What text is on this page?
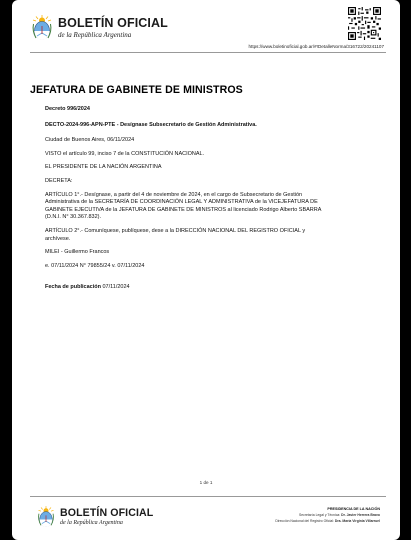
BOLETÍN OFICIAL
de la República Argentina
https://www.boletinoficial.gob.ar/#!DetalleNorma/316722/20241107
JEFATURA DE GABINETE DE MINISTROS

Decreto 996/2024

DECTO-2024-996-APN-PTE - Desígnase Subsecretario de Gestión Administrativa.

Ciudad de Buenos Aires, 06/11/2024

VISTO el artículo 99, inciso 7 de la CONSTITUCIÓN NACIONAL.

EL PRESIDENTE DE LA NACIÓN ARGENTINA

DECRETA:

ARTÍCULO 1°.- Desígnase, a partir del 4 de noviembre de 2024, en el cargo de Subsecretario de Gestión

Administrativa de la SECRETARÍA DE COORDINACIÓN LEGAL Y ADMINISTRATIVA de la VICEJEFATURA DE

GABINETE EJECUTIVA de la JEFATURA DE GABINETE DE MINISTROS al licenciado Rodrigo Alberto SBARRA

(D.N.I. N° 30.367.832).

ARTÍCULO 2°.- Comuníquese, publíquese, dese a la DIRECCIÓN NACIONAL DEL REGISTRO OFICIAL y

archívese.

MILEI - Guillermo Francos

e. 07/11/2024 N° 79855/24 v. 07/11/2024

Fecha de publicación 07/11/2024

1 de 1
BOLETÍN OFICIAL
de la República Argentina
PRESIDENCIA DE LA NACIÓN
Secretaría Legal y Técnica: Dr. Javier Herrera Bravo
Dirección Nacional del Registro Oficial: Dra. María Virginia Villarruel
